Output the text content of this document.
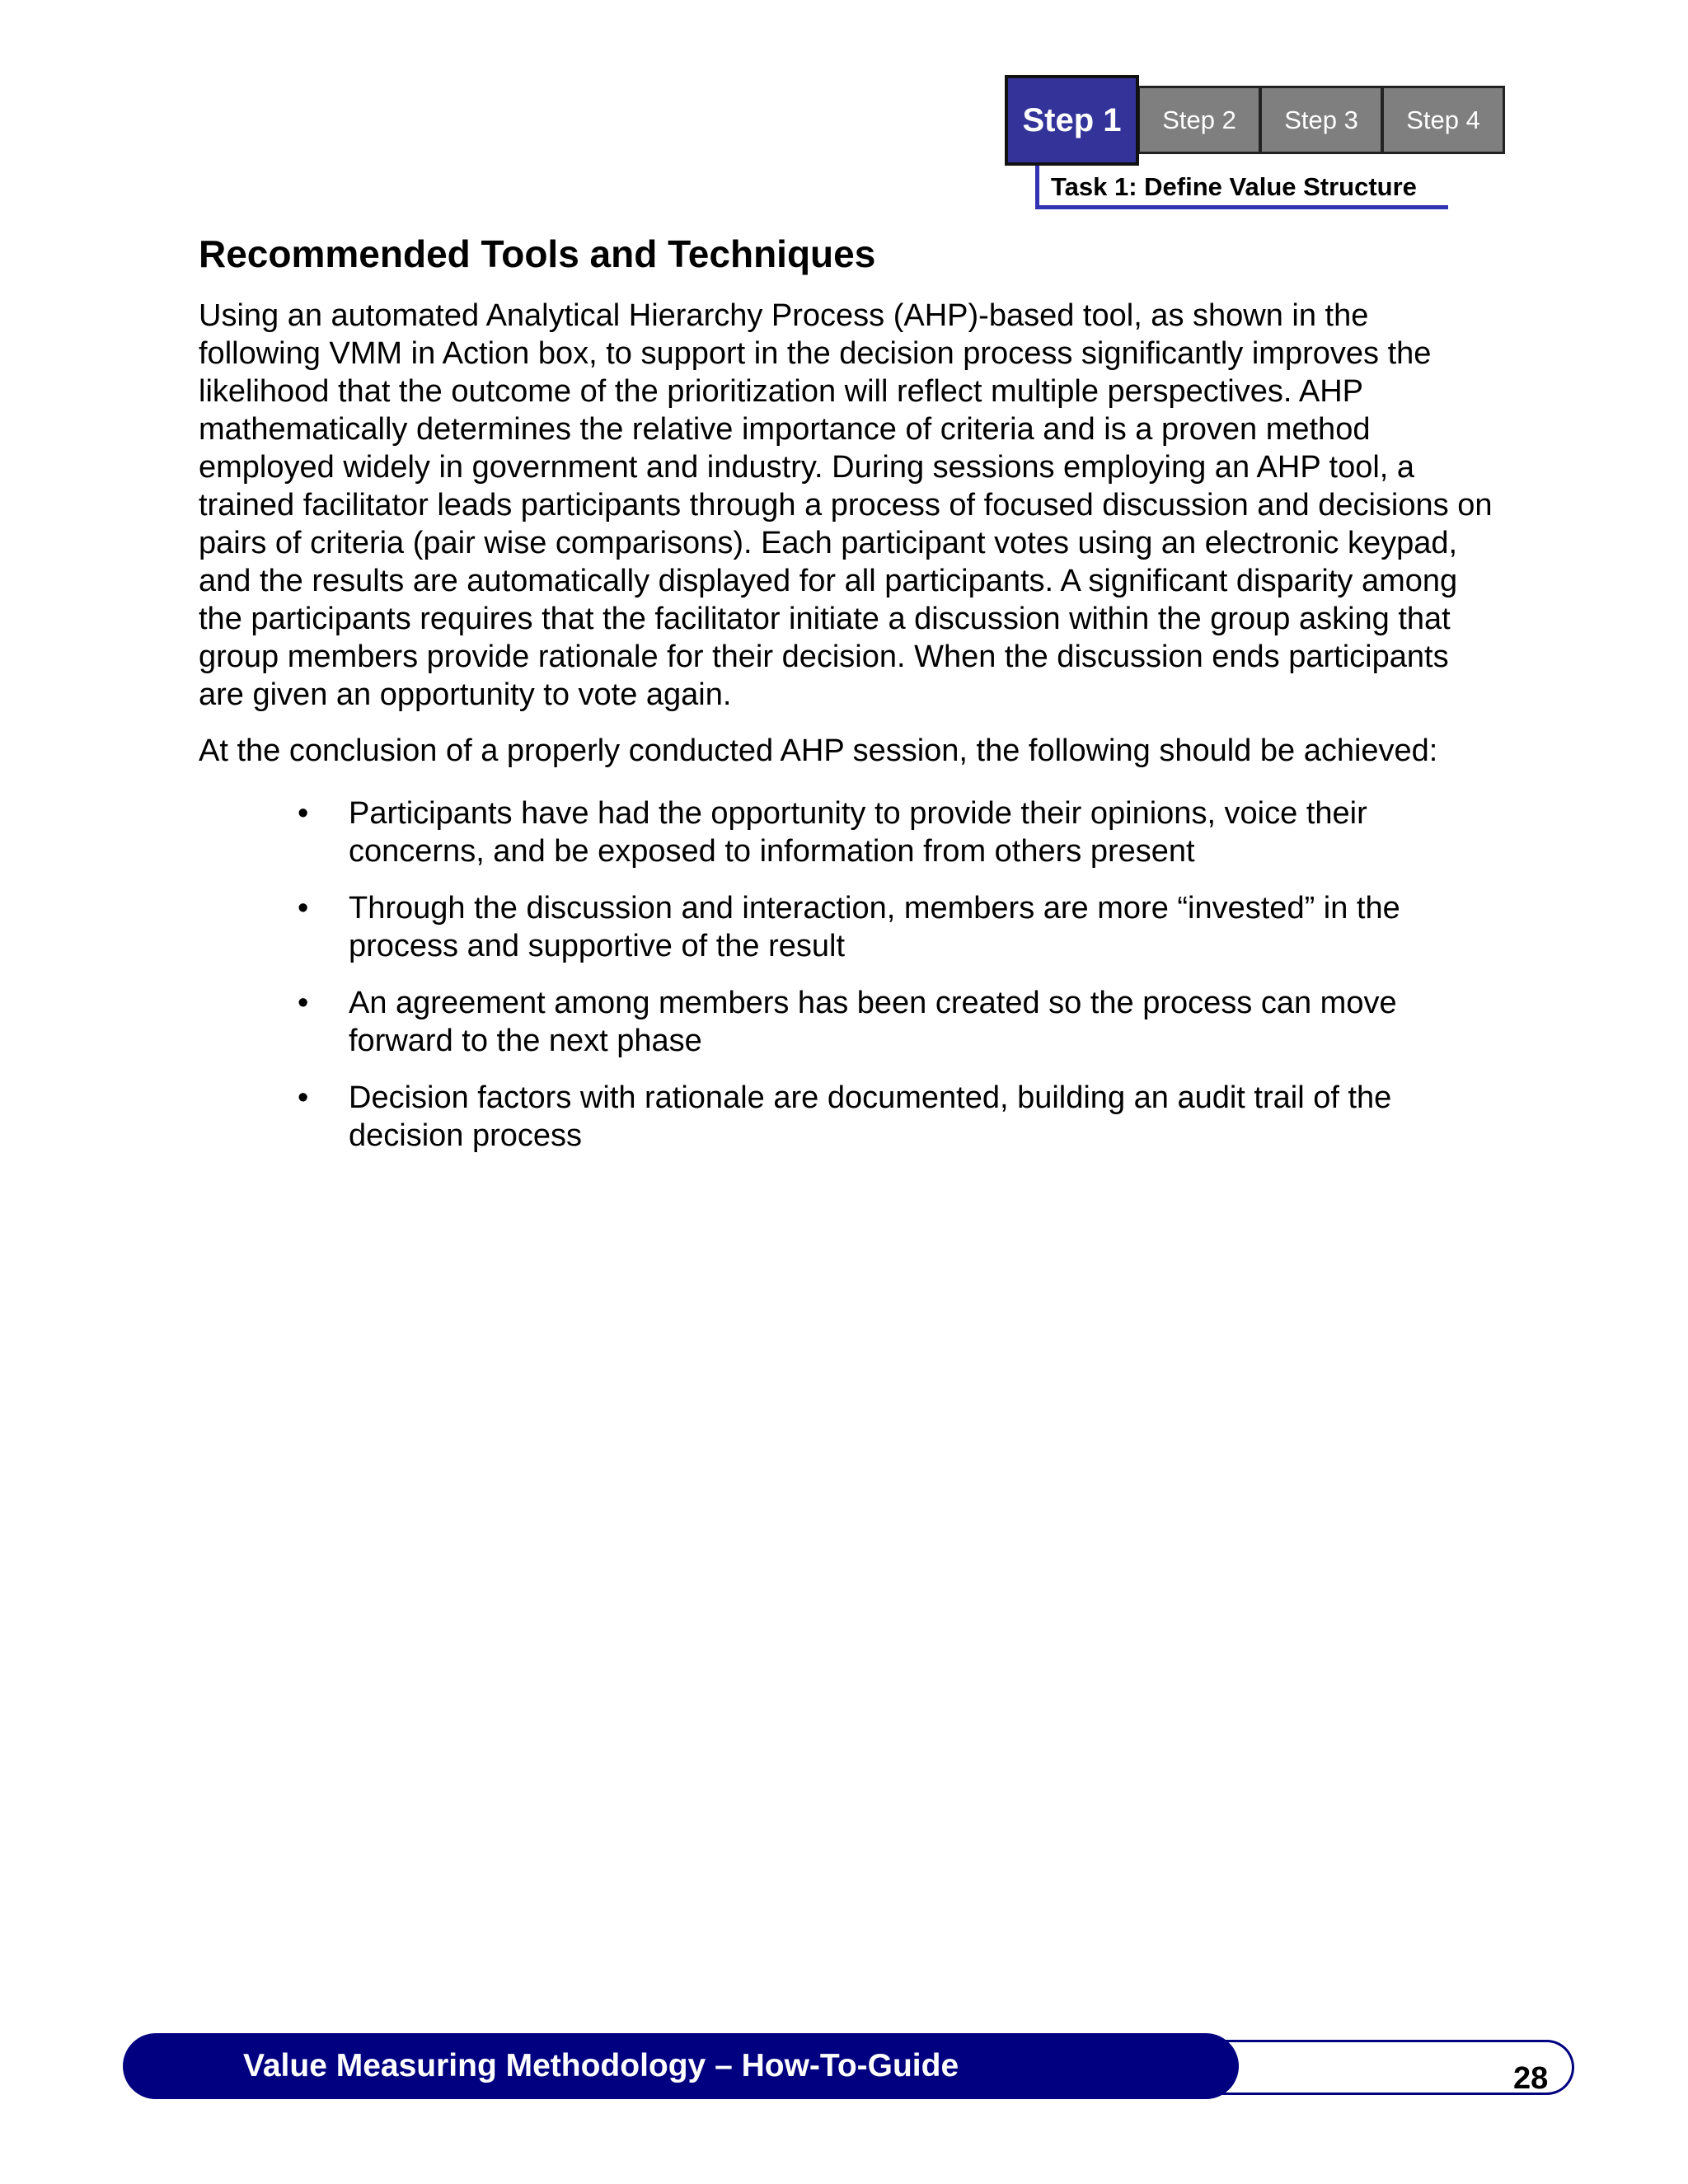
Step 1	Step 2	Step 3	Step 4
Task 1: Define Value Structure
Recommended Tools and Techniques

Using an automated Analytical Hierarchy Process (AHP)-based tool, as shown in the following VMM in Action box, to support in the decision process significantly improves the likelihood that the outcome of the prioritization will reflect multiple perspectives. AHP mathematically determines the relative importance of criteria and is a proven method employed widely in government and industry. During sessions employing an AHP tool, a trained facilitator leads participants through a process of focused discussion and decisions on pairs of criteria (pair wise comparisons). Each participant votes using an electronic keypad, and the results are automatically displayed for all participants. A significant disparity among the participants requires that the facilitator initiate a discussion within the group asking that group members provide rationale for their decision. When the discussion ends participants are given an opportunity to vote again.

At the conclusion of a properly conducted AHP session, the following should be achieved:

• Participants have had the opportunity to provide their opinions, voice their concerns, and be exposed to information from others present
• Through the discussion and interaction, members are more “invested” in the process and supportive of the result
• An agreement among members has been created so the process can move forward to the next phase
• Decision factors with rationale are documented, building an audit trail of the decision process
Value Measuring Methodology – How-To-Guide	28
